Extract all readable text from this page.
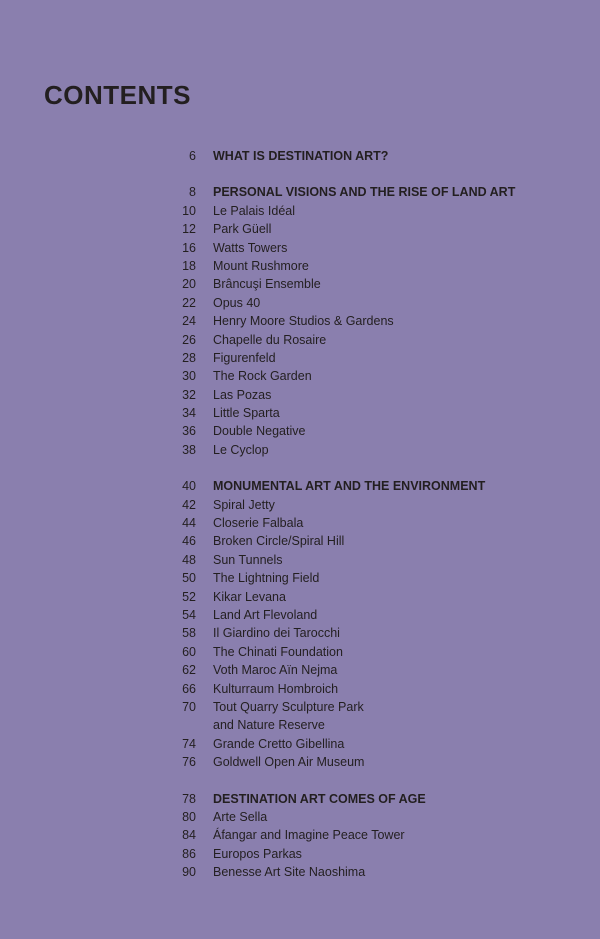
CONTENTS
6 WHAT IS DESTINATION ART?
8 PERSONAL VISIONS AND THE RISE OF LAND ART
10 Le Palais Idéal
12 Park Güell
16 Watts Towers
18 Mount Rushmore
20 Brâncuşi Ensemble
22 Opus 40
24 Henry Moore Studios & Gardens
26 Chapelle du Rosaire
28 Figurenfeld
30 The Rock Garden
32 Las Pozas
34 Little Sparta
36 Double Negative
38 Le Cyclop
40 MONUMENTAL ART AND THE ENVIRONMENT
42 Spiral Jetty
44 Closerie Falbala
46 Broken Circle/Spiral Hill
48 Sun Tunnels
50 The Lightning Field
52 Kikar Levana
54 Land Art Flevoland
58 Il Giardino dei Tarocchi
60 The Chinati Foundation
62 Voth Maroc Aïn Nejma
66 Kulturraum Hombroich
70 Tout Quarry Sculpture Park
and Nature Reserve
74 Grande Cretto Gibellina
76 Goldwell Open Air Museum
78 DESTINATION ART COMES OF AGE
80 Arte Sella
84 Áfangar and Imagine Peace Tower
86 Europos Parkas
90 Benesse Art Site Naoshima
